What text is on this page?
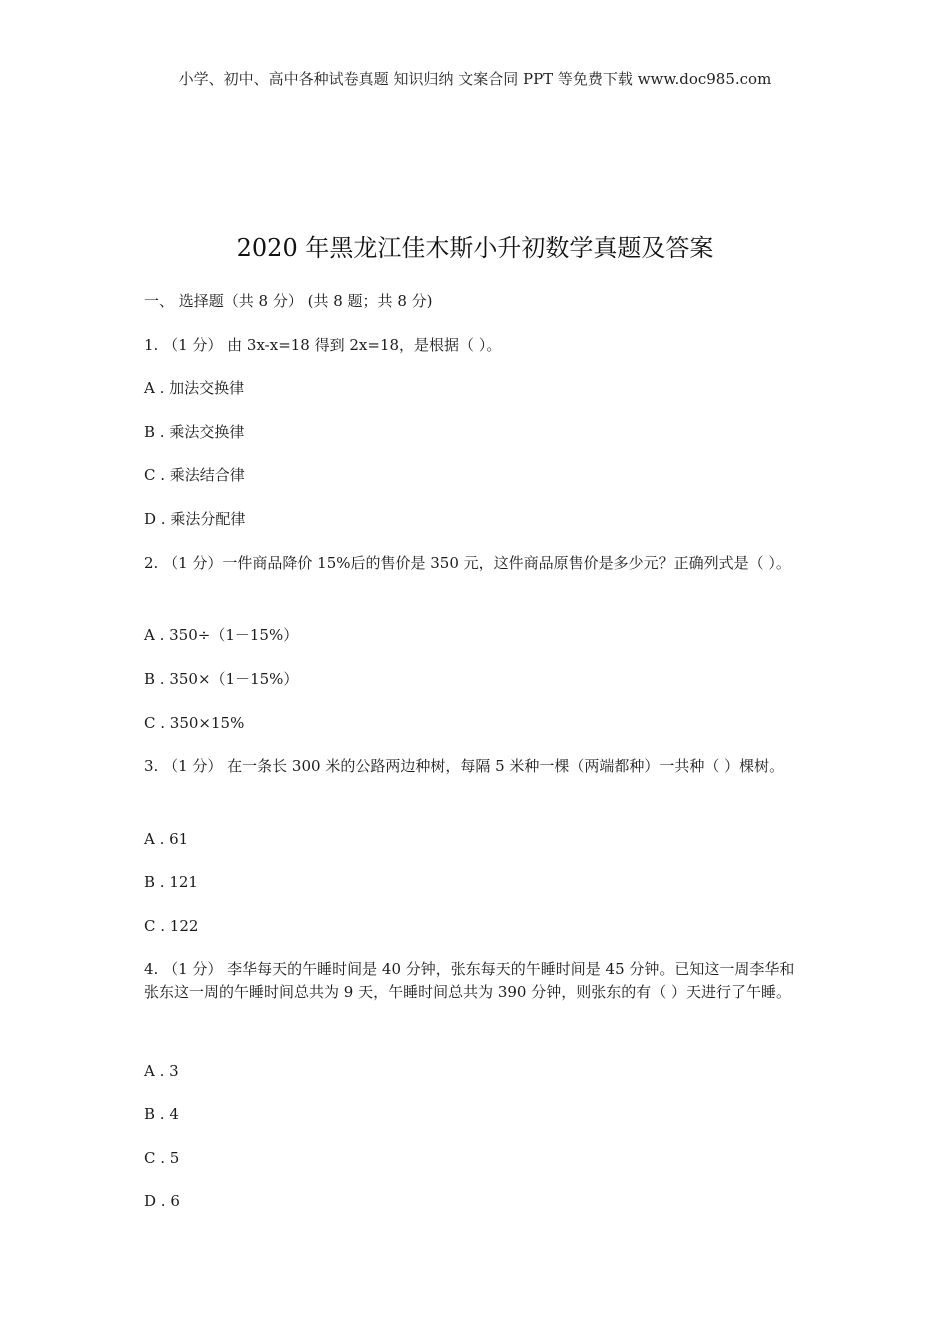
小学、初中、高中各种试卷真题 知识归纳 文案合同 PPT 等免费下载 www.doc985.com
2020 年黑龙江佳木斯小升初数学真题及答案
一、 选择题（共 8 分） (共 8 题；共 8 分)
1. （1 分） 由 3x-x=18 得到 2x=18，是根据（ ）。
A . 加法交换律
B . 乘法交换律
C . 乘法结合律
D . 乘法分配律
2. （1 分）一件商品降价 15%后的售价是 350 元，这件商品原售价是多少元？正确列式是（ ）。
A . 350÷（1－15%）
B . 350×（1－15%）
C . 350×15%
3. （1 分） 在一条长 300 米的公路两边种树，每隔 5 米种一棵（两端都种）一共种（ ）棵树。
A . 61
B . 121
C . 122
4. （1 分） 李华每天的午睡时间是 40 分钟，张东每天的午睡时间是 45 分钟。已知这一周李华和张东这一周的午睡时间总共为 9 天，午睡时间总共为 390 分钟，则张东的有（ ）天进行了午睡。
A . 3
B . 4
C . 5
D . 6
